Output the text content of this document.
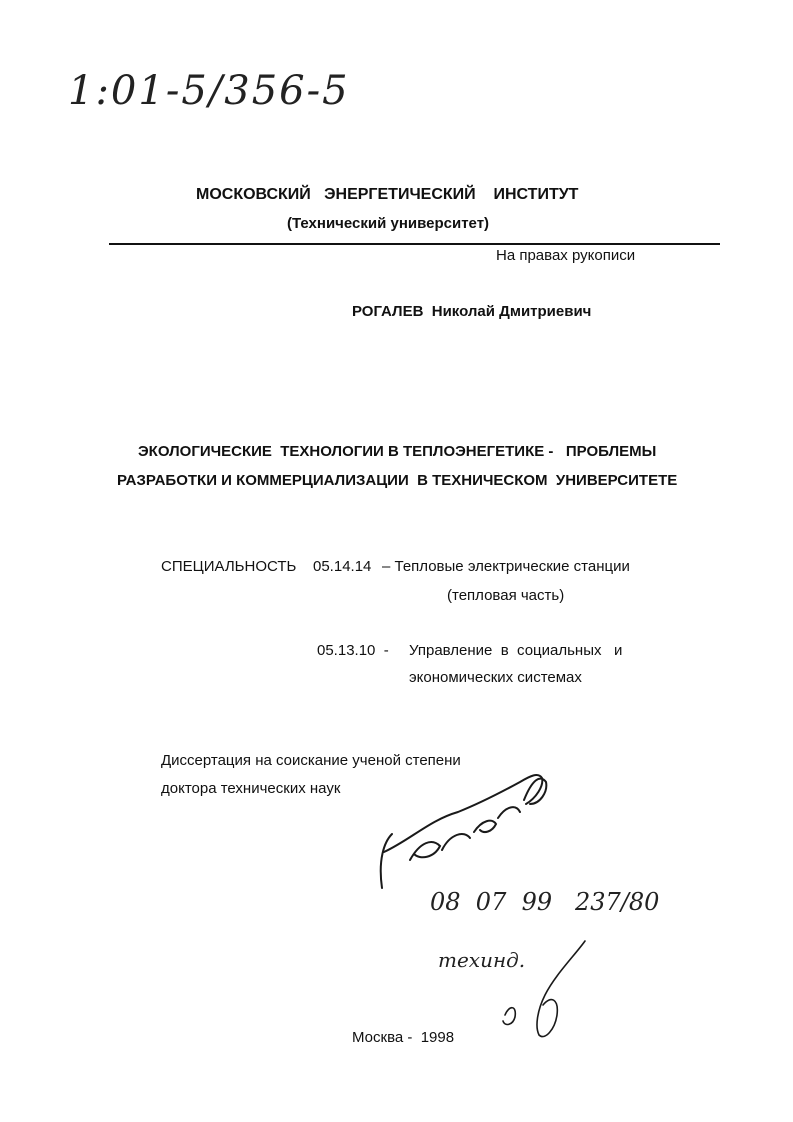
1:01-5/356-5
МОСКОВСКИЙ   ЭНЕРГЕТИЧЕСКИЙ    ИНСТИТУТ
(Технический университет)
На правах рукописи
РОГАЛЕВ  Николай Дмитриевич
ЭКОЛОГИЧЕСКИЕ  ТЕХНОЛОГИИ В ТЕПЛОЭНЕГЕТИКЕ -   ПРОБЛЕМЫ
РАЗРАБОТКИ И КОММЕРЦИАЛИЗАЦИИ  В ТЕХНИЧЕСКОМ  УНИВЕРСИТЕТЕ
СПЕЦИАЛЬНОСТЬ 05.14.14 – Тепловые электрические станции
(тепловая часть)
05.13.10  - Управление  в  социальных   и
экономических системах
Диссертация на соискание ученой степени
доктора технических наук
08  07  99   237/80
техинд.
Москва -  1998
